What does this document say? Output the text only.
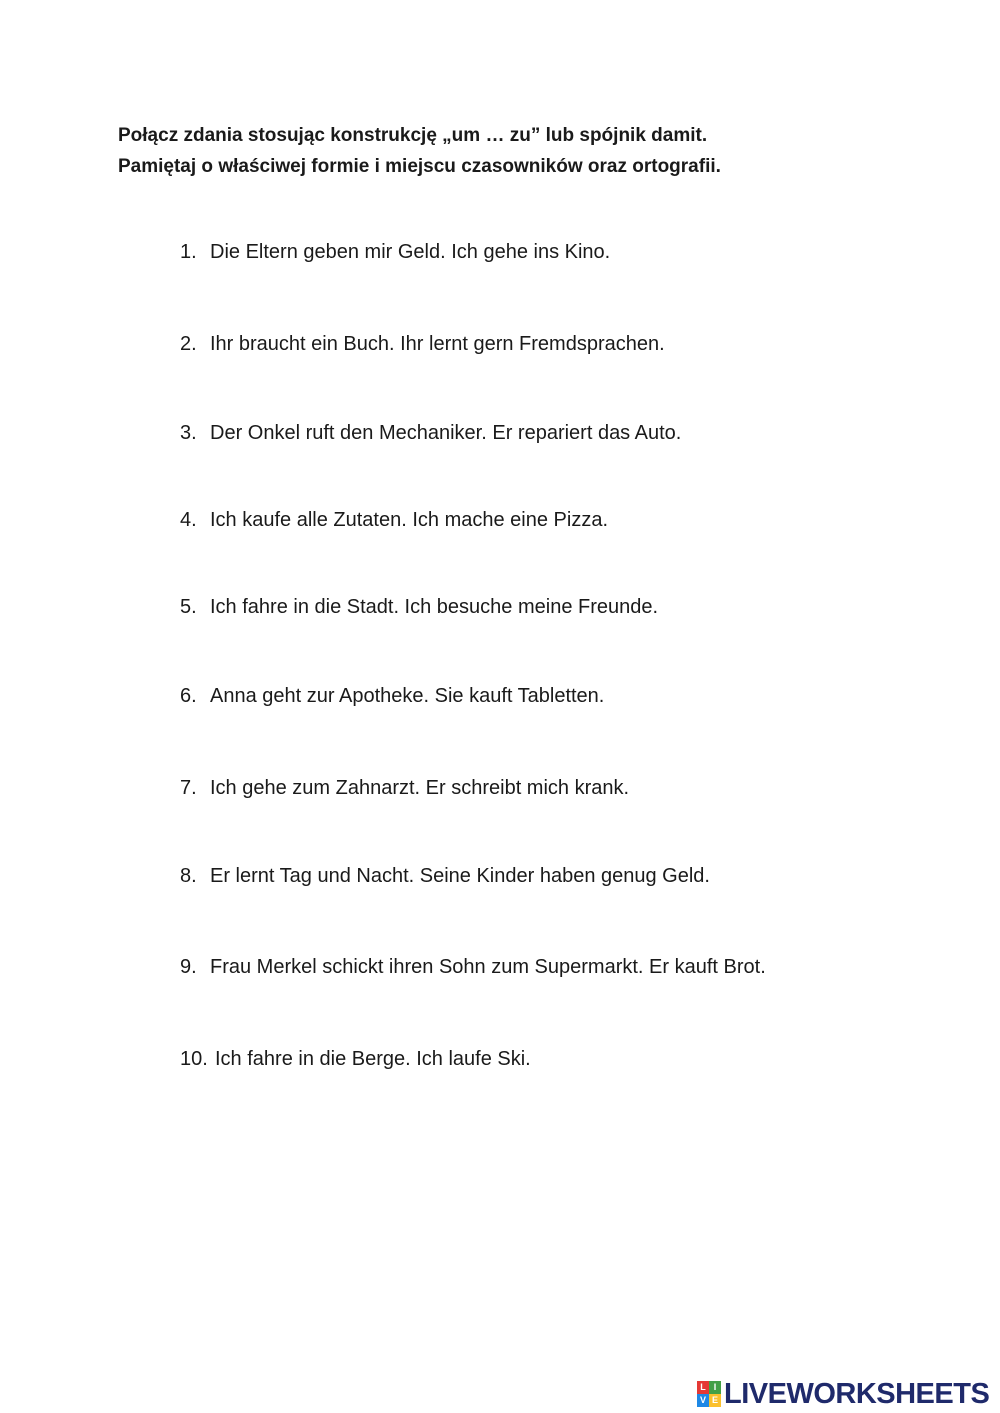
Połącz zdania stosując konstrukcję „um … zu” lub spójnik damit.
Pamiętaj o właściwej formie i miejscu czasowników oraz ortografii.
1. Die Eltern geben mir Geld. Ich gehe ins Kino.
2. Ihr braucht ein Buch. Ihr lernt gern Fremdsprachen.
3. Der Onkel ruft den Mechaniker. Er repariert das Auto.
4. Ich kaufe alle Zutaten. Ich mache eine Pizza.
5. Ich fahre in die Stadt. Ich besuche meine Freunde.
6. Anna geht zur Apotheke. Sie kauft Tabletten.
7. Ich gehe zum Zahnarzt. Er schreibt mich krank.
8. Er lernt Tag und Nacht. Seine Kinder haben genug Geld.
9. Frau Merkel schickt ihren Sohn zum Supermarkt. Er kauft Brot.
10. Ich fahre in die Berge. Ich laufe Ski.
L I
V E LIVEWORKSHEETS
